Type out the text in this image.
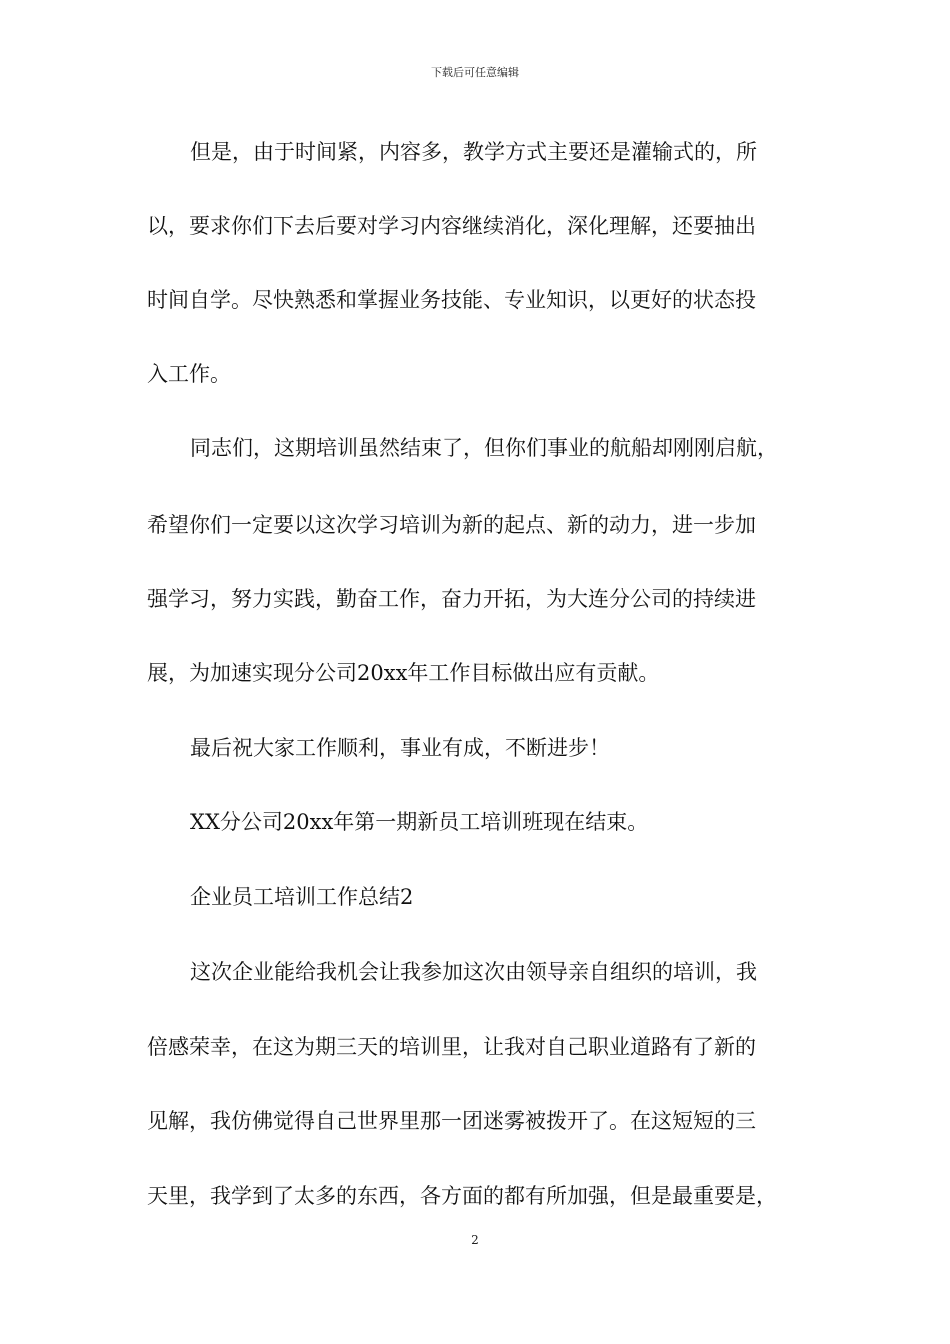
下载后可任意编辑
但是，由于时间紧，内容多，教学方式主要还是灌输式的，所
以，要求你们下去后要对学习内容继续消化，深化理解，还要抽出
时间自学。尽快熟悉和掌握业务技能、专业知识，以更好的状态投
入工作。
同志们，这期培训虽然结束了，但你们事业的航船却刚刚启航，
希望你们一定要以这次学习培训为新的起点、新的动力，进一步加
强学习，努力实践，勤奋工作，奋力开拓，为大连分公司的持续进
展，为加速实现分公司20xx年工作目标做出应有贡献。
最后祝大家工作顺利，事业有成，不断进步！
XX分公司20xx年第一期新员工培训班现在结束。
企业员工培训工作总结2
这次企业能给我机会让我参加这次由领导亲自组织的培训，我
倍感荣幸，在这为期三天的培训里，让我对自己职业道路有了新的
见解，我仿佛觉得自己世界里那一团迷雾被拨开了。在这短短的三
天里，我学到了太多的东西，各方面的都有所加强，但是最重要是，
2
